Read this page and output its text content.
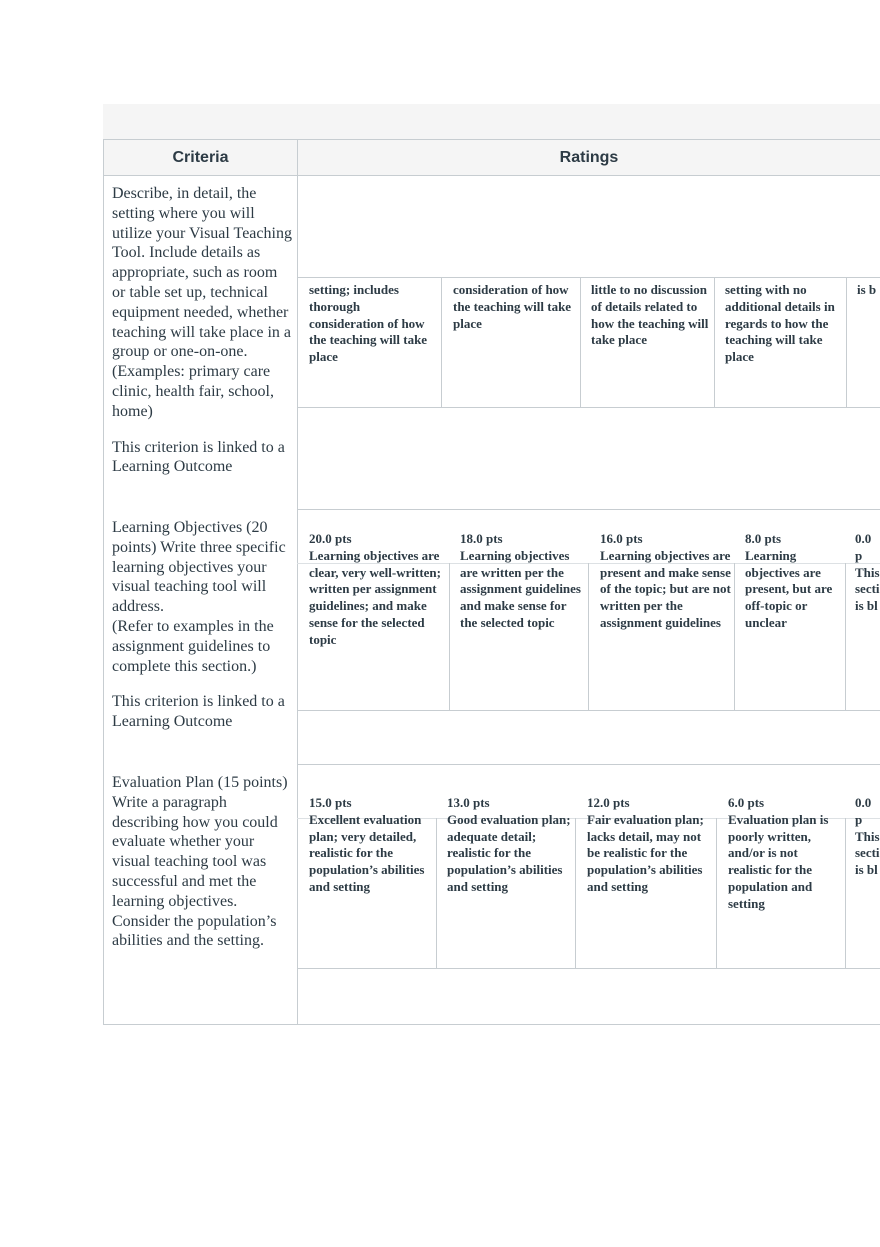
Criteria	Ratings

Describe, in detail, the setting where you will utilize your Visual Teaching Tool. Include details as appropriate, such as room or table set up, technical equipment needed, whether teaching will take place in a group or one-on-one.

(Examples: primary care clinic, health fair, school, home)

This criterion is linked to a Learning Outcome

Learning Objectives (20 points) Write three specific learning objectives your visual teaching tool will address.

(Refer to examples in the assignment guidelines to complete this section.)

This criterion is linked to a Learning Outcome

Evaluation Plan (15 points) Write a paragraph describing how you could evaluate whether your visual teaching tool was successful and met the learning objectives. Consider the population’s abilities and the setting.

setting; includes thorough consideration of how the teaching will take place
consideration of how the teaching will take place
little to no discussion of details related to how the teaching will take place
setting with no additional details in regards to how the teaching will take place
is b
20.0 pts
Learning objectives are clear, very well-written; written per assignment guidelines; and make sense for the selected topic
18.0 pts
Learning objectives are written per the assignment guidelines and make sense for the selected topic
16.0 pts
Learning objectives are present and make sense of the topic; but are not written per the assignment guidelines
8.0 pts
Learning objectives are present, but are off-topic or unclear
0.0 p
This secti is bl
15.0 pts
Excellent evaluation plan; very detailed, realistic for the population’s abilities and setting
13.0 pts
Good evaluation plan; adequate detail; realistic for the population’s abilities and setting
12.0 pts
Fair evaluation plan; lacks detail, may not be realistic for the population’s abilities and setting
6.0 pts
Evaluation plan is poorly written, and/or is not realistic for the population and setting
0.0 p
This secti is bl
